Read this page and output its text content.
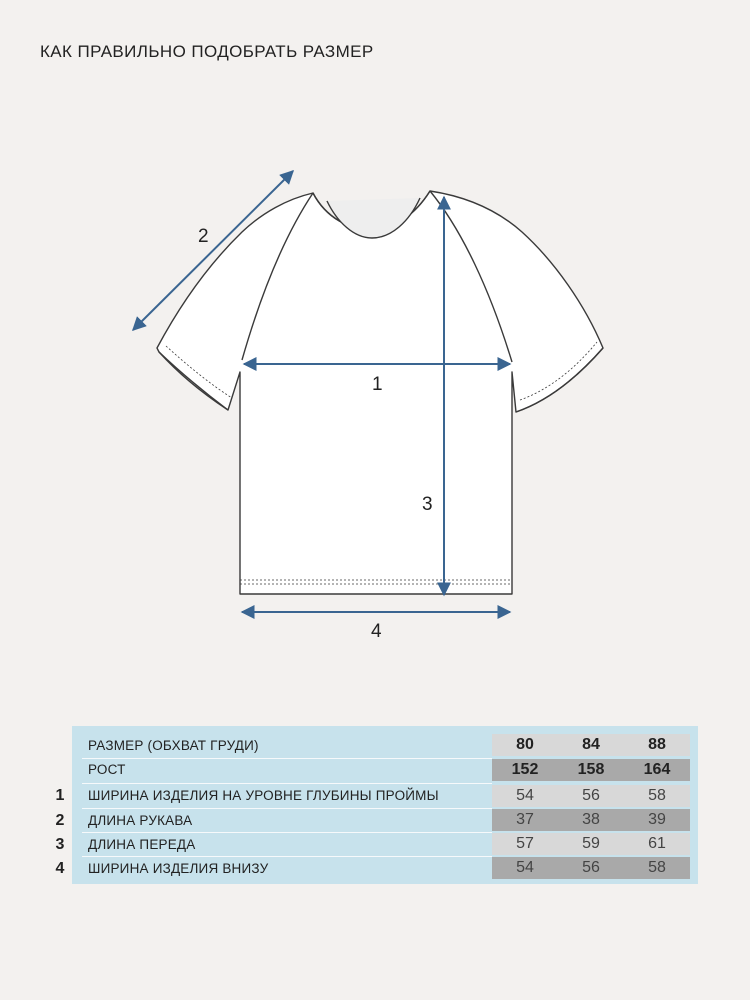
КАК ПРАВИЛЬНО ПОДОБРАТЬ РАЗМЕР
1
2
3
4
РАЗМЕР (ОБХВАТ ГРУДИ)	80	84	88
РОСТ	152	158	164
1 ШИРИНА ИЗДЕЛИЯ НА УРОВНЕ ГЛУБИНЫ ПРОЙМЫ	54	56	58
2 ДЛИНА РУКАВА	37	38	39
3 ДЛИНА ПЕРЕДА	57	59	61
4 ШИРИНА ИЗДЕЛИЯ ВНИЗУ	54	56	58
